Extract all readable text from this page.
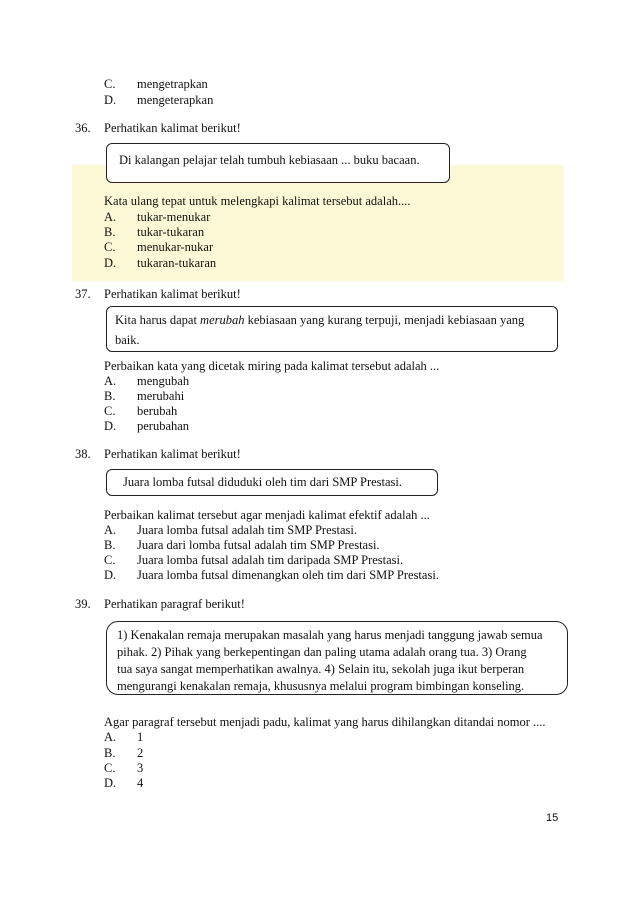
C. mengetrapkan
D. mengeterapkan
36. Perhatikan kalimat berikut!
Di kalangan pelajar telah tumbuh kebiasaan ... buku bacaan.
Kata ulang tepat untuk melengkapi kalimat tersebut adalah....
A. tukar-menukar
B. tukar-tukaran
C. menukar-nukar
D. tukaran-tukaran
37. Perhatikan kalimat berikut!
Kita harus dapat merubah kebiasaan yang kurang terpuji, menjadi kebiasaan yang
baik.
Perbaikan kata yang dicetak miring pada kalimat tersebut adalah ...
A. mengubah
B. merubahi
C. berubah
D. perubahan
38. Perhatikan kalimat berikut!
Juara lomba futsal diduduki oleh tim dari SMP Prestasi.
Perbaikan kalimat tersebut agar menjadi kalimat efektif adalah ...
A. Juara lomba futsal adalah tim SMP Prestasi.
B. Juara dari lomba futsal adalah tim SMP Prestasi.
C. Juara lomba futsal adalah tim daripada SMP Prestasi.
D. Juara lomba futsal dimenangkan oleh tim dari SMP Prestasi.
39. Perhatikan paragraf berikut!
1) Kenakalan remaja merupakan masalah yang harus menjadi tanggung jawab semua
pihak. 2) Pihak yang berkepentingan dan paling utama adalah orang tua. 3) Orang
tua saya sangat memperhatikan awalnya. 4) Selain itu, sekolah juga ikut berperan
mengurangi kenakalan remaja, khususnya melalui program bimbingan konseling.
Agar paragraf tersebut menjadi padu, kalimat yang harus dihilangkan ditandai nomor ....
A. 1
B. 2
C. 3
D. 4
15
